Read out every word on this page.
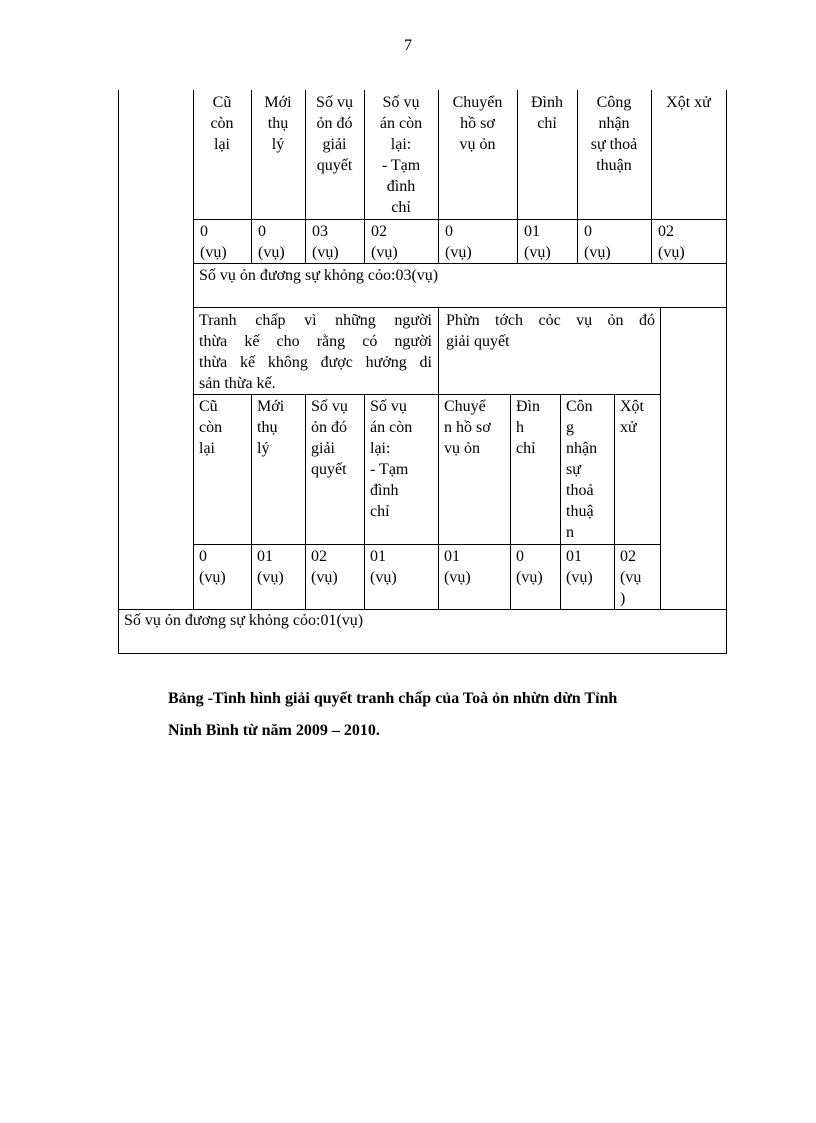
7
Cũ
còn
lại
Mới
thụ
lý
Số vụ
ỏn đó
giải
quyết
Số vụ
án còn
lại:
- Tạm
đình
chỉ
Chuyển
hồ sơ
vụ ỏn
Đình
chỉ
Công
nhận
sự thoả
thuận
Xột xử
0
(vụ)
0
(vụ)
03
(vụ)
02
(vụ)
0
(vụ)
01
(vụ)
0
(vụ)
02
(vụ)
Số vụ ỏn đương sự khỏng cỏo:03(vụ)
Tranh chấp vì những người
thừa kế cho rằng có người
thừa kế không được hưởng di
sản thừa kế.
Phừn tớch cỏc vụ ỏn đó
giải quyết
Cũ
còn
lại
Mới
thụ
lý
Số vụ
ỏn đó
giải
quyết
Số vụ
án còn
lại:
- Tạm
đình
chỉ
Chuyể
n hồ sơ
vụ ỏn
Đìn
h
chỉ
Côn
g
nhận
sự
thoả
thuậ
n
Xột
xử
0
(vụ)
01
(vụ)
02
(vụ)
01
(vụ)
01
(vụ)
0
(vụ)
01
(vụ)
02
(vụ
)
Số vụ ỏn đương sự khỏng cỏo:01(vụ)
Bảng -Tình hình giải quyết tranh chấp của Toà ỏn nhừn dừn Tỉnh
Ninh Bình từ năm 2009 – 2010.
